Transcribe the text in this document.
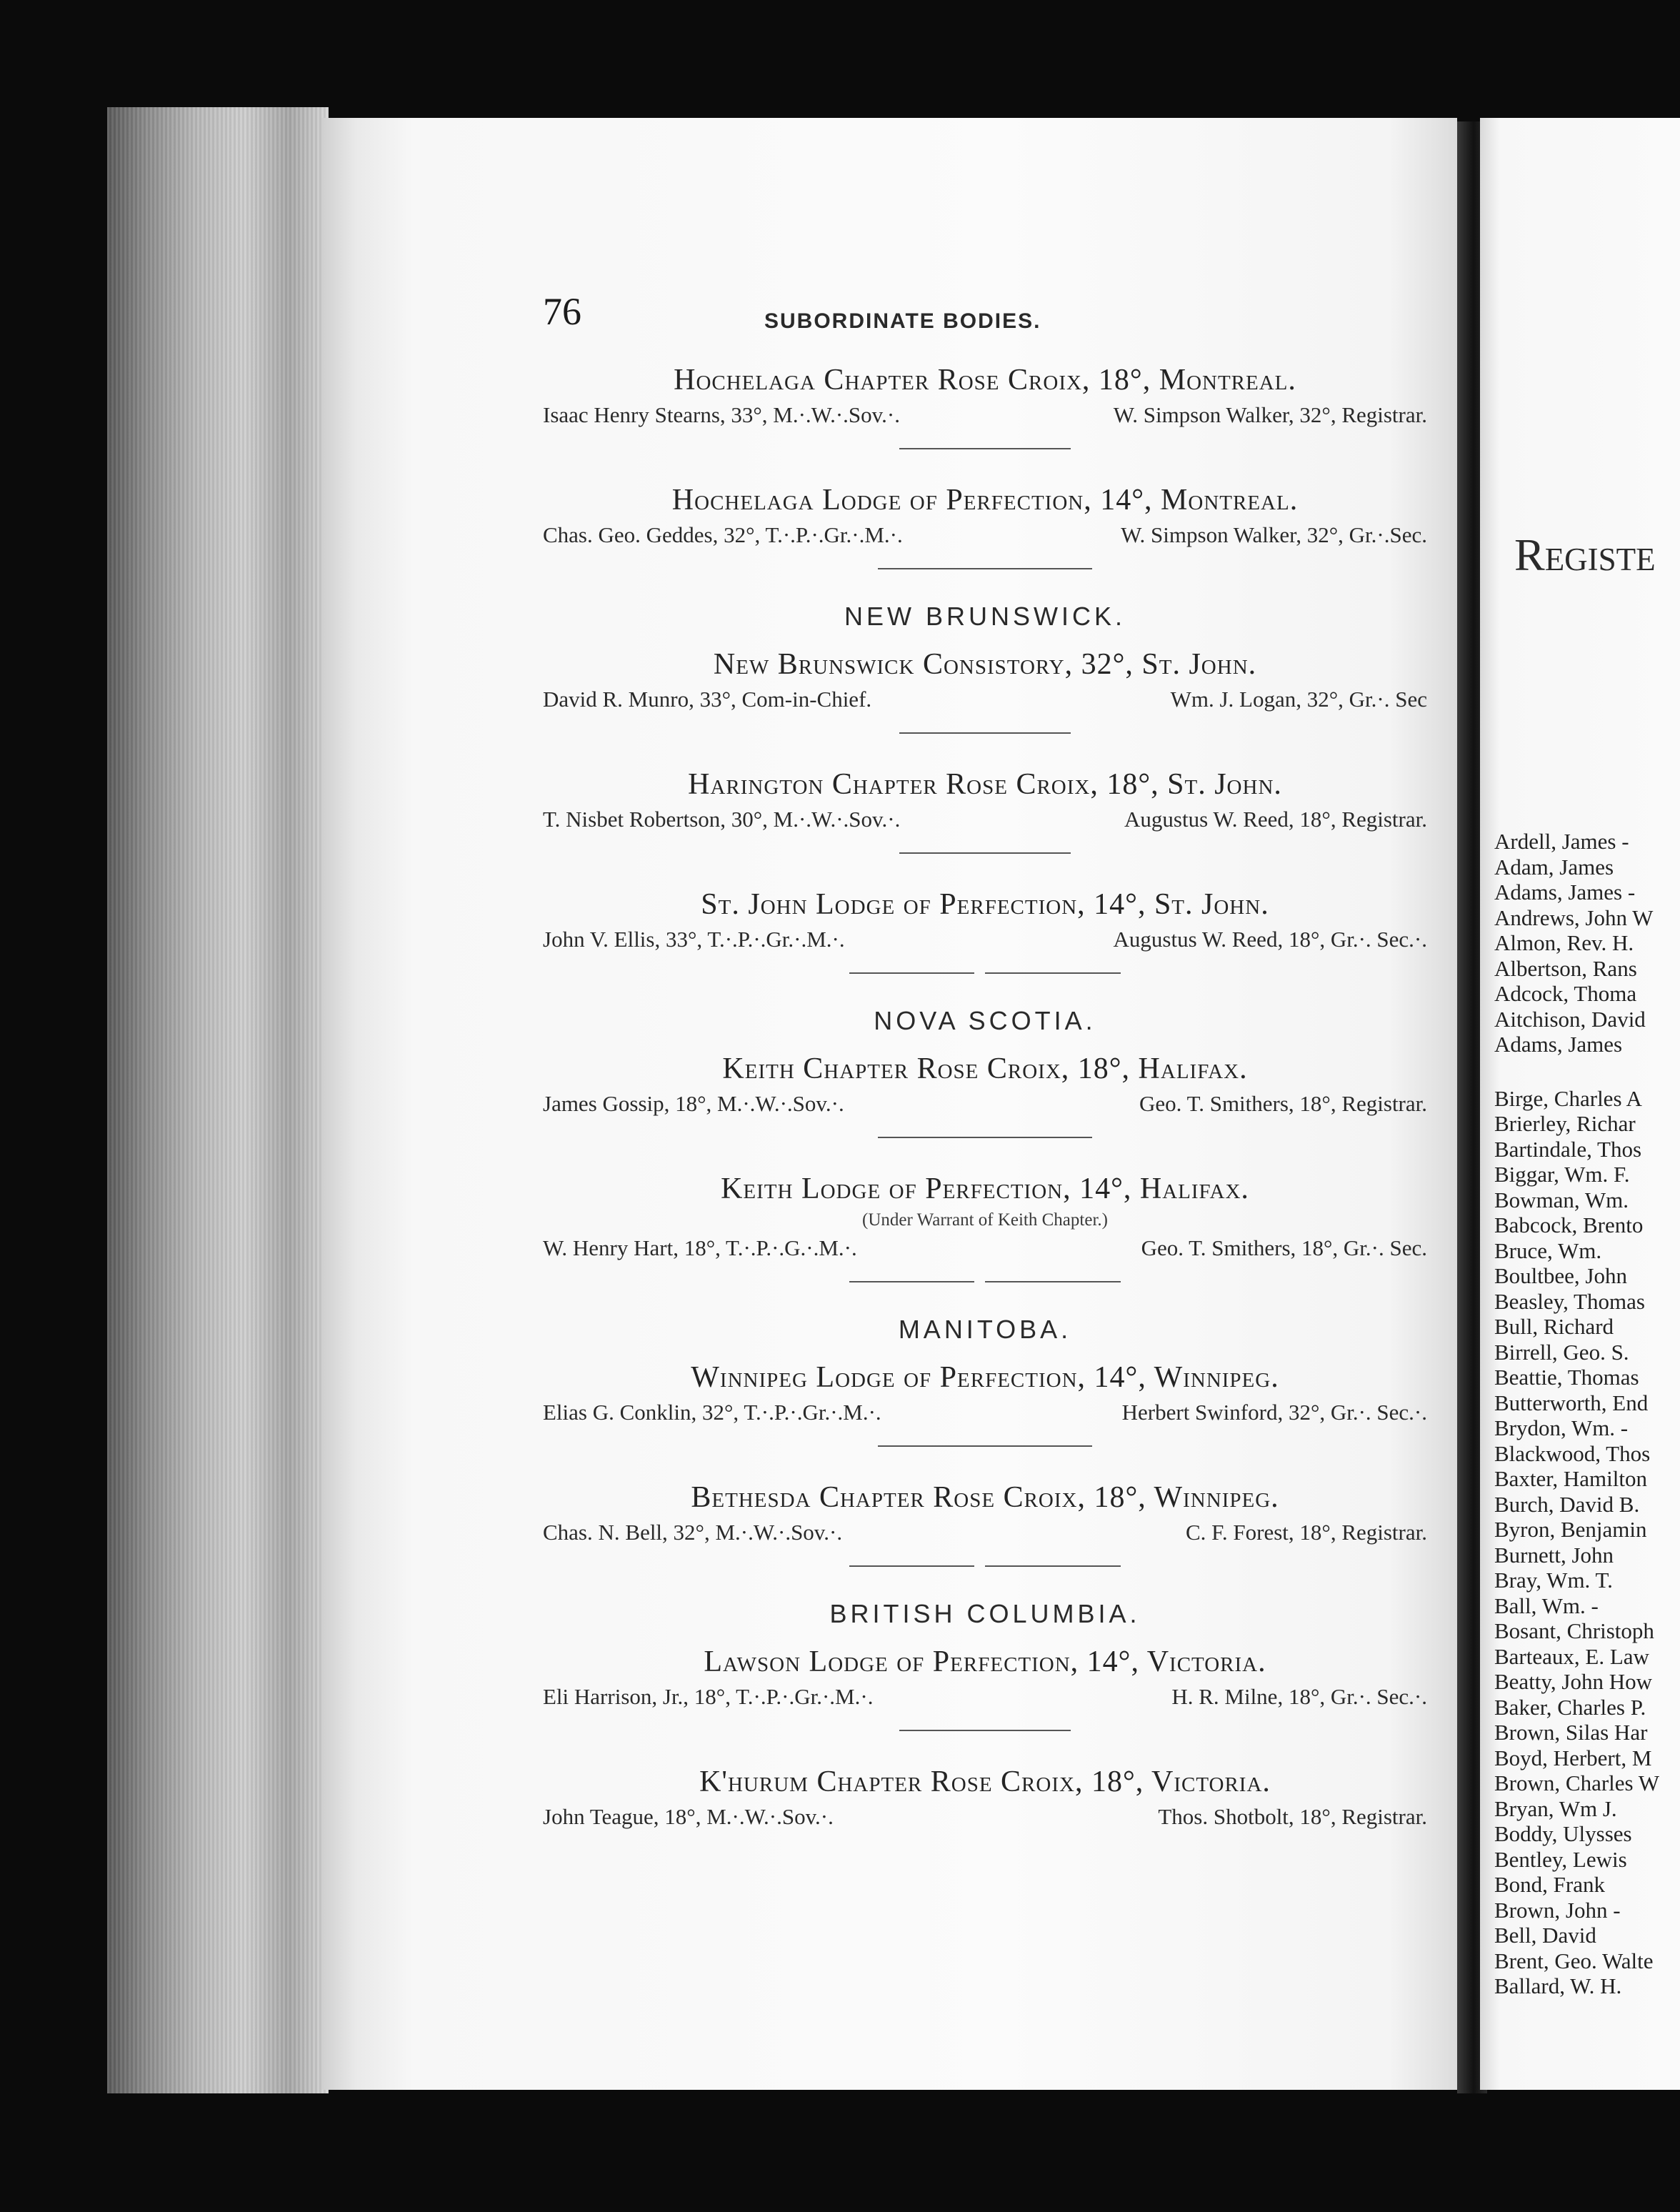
76	SUBORDINATE BODIES.

Hochelaga Chapter Rose Croix, 18°, Montreal.

Isaac Henry Stearns, 33°, M.·.W.·.Sov.·.	W. Simpson Walker, 32°, Registrar.

Hochelaga Lodge of Perfection, 14°, Montreal.

Chas. Geo. Geddes, 32°, T.·.P.·.Gr.·.M.·.	W. Simpson Walker, 32°, Gr.·.Sec.
NEW BRUNSWICK.

New Brunswick Consistory, 32°, St. John.

David R. Munro, 33°, Com-in-Chief.	Wm. J. Logan, 32°, Gr.·. Sec

Harington Chapter Rose Croix, 18°, St. John.

T. Nisbet Robertson, 30°, M.·.W.·.Sov.·.	Augustus W. Reed, 18°, Registrar.

St. John Lodge of Perfection, 14°, St. John.

John V. Ellis, 33°, T.·.P.·.Gr.·.M.·.	Augustus W. Reed, 18°, Gr.·. Sec.·.
NOVA SCOTIA.

Keith Chapter Rose Croix, 18°, Halifax.

James Gossip, 18°, M.·.W.·.Sov.·.	Geo. T. Smithers, 18°, Registrar.

Keith Lodge of Perfection, 14°, Halifax.

(Under Warrant of Keith Chapter.)
W. Henry Hart, 18°, T.·.P.·.G.·.M.·.	Geo. T. Smithers, 18°, Gr.·. Sec.
MANITOBA.

Winnipeg Lodge of Perfection, 14°, Winnipeg.

Elias G. Conklin, 32°, T.·.P.·.Gr.·.M.·.	Herbert Swinford, 32°, Gr.·. Sec.·.

Bethesda Chapter Rose Croix, 18°, Winnipeg.

Chas. N. Bell, 32°, M.·.W.·.Sov.·.	C. F. Forest, 18°, Registrar.
BRITISH COLUMBIA.

Lawson Lodge of Perfection, 14°, Victoria.

Eli Harrison, Jr., 18°, T.·.P.·.Gr.·.M.·.	H. R. Milne, 18°, Gr.·. Sec.·.

K'hurum Chapter Rose Croix, 18°, Victoria.

John Teague, 18°, M.·.W.·.Sov.·.	Thos. Shotbolt, 18°, Registrar.
Registe
Ardell, James -
Adam, James
Adams, James -
Andrews, John W
Almon, Rev. H.
Albertson, Rans
Adcock, Thoma
Aitchison, David
Adams, James
Birge, Charles A
Brierley, Richar
Bartindale, Thos
Biggar, Wm. F.
Bowman, Wm.
Babcock, Brento
Bruce, Wm.
Boultbee, John
Beasley, Thomas
Bull, Richard
Birrell, Geo. S.
Beattie, Thomas
Butterworth, End
Brydon, Wm. -
Blackwood, Thos
Baxter, Hamilton
Burch, David B.
Byron, Benjamin
Burnett, John
Bray, Wm. T.
Ball, Wm. -
Bosant, Christoph
Barteaux, E. Law
Beatty, John How
Baker, Charles P.
Brown, Silas Har
Boyd, Herbert, M
Brown, Charles W
Bryan, Wm J.
Boddy, Ulysses
Bentley, Lewis
Bond, Frank
Brown, John -
Bell, David
Brent, Geo. Walte
Ballard, W. H.
